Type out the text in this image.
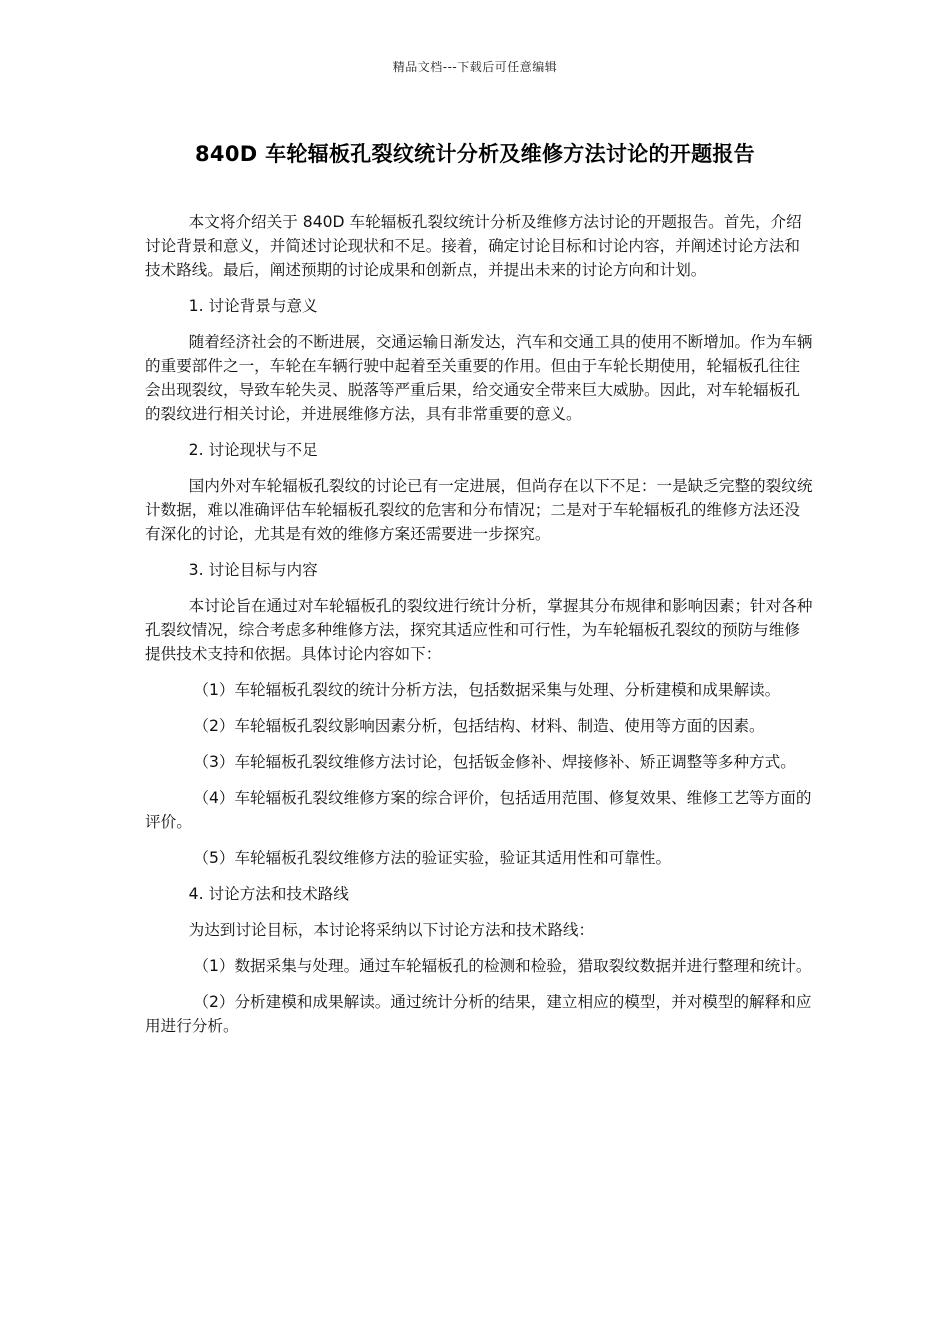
精品文档---下载后可任意编辑
840D 车轮辐板孔裂纹统计分析及维修方法讨论的开题报告

本文将介绍关于 840D 车轮辐板孔裂纹统计分析及维修方法讨论的开题报告。首先，介绍讨论背景和意义，并简述讨论现状和不足。接着，确定讨论目标和讨论内容，并阐述讨论方法和技术路线。最后，阐述预期的讨论成果和创新点，并提出未来的讨论方向和计划。

1. 讨论背景与意义

随着经济社会的不断进展，交通运输日渐发达，汽车和交通工具的使用不断增加。作为车辆的重要部件之一，车轮在车辆行驶中起着至关重要的作用。但由于车轮长期使用，轮辐板孔往往会出现裂纹，导致车轮失灵、脱落等严重后果，给交通安全带来巨大威胁。因此，对车轮辐板孔的裂纹进行相关讨论，并进展维修方法，具有非常重要的意义。

2. 讨论现状与不足

国内外对车轮辐板孔裂纹的讨论已有一定进展，但尚存在以下不足：一是缺乏完整的裂纹统计数据，难以准确评估车轮辐板孔裂纹的危害和分布情况；二是对于车轮辐板孔的维修方法还没有深化的讨论，尤其是有效的维修方案还需要进一步探究。

3. 讨论目标与内容

本讨论旨在通过对车轮辐板孔的裂纹进行统计分析，掌握其分布规律和影响因素；针对各种孔裂纹情况，综合考虑多种维修方法，探究其适应性和可行性，为车轮辐板孔裂纹的预防与维修提供技术支持和依据。具体讨论内容如下：

（1）车轮辐板孔裂纹的统计分析方法，包括数据采集与处理、分析建模和成果解读。

（2）车轮辐板孔裂纹影响因素分析，包括结构、材料、制造、使用等方面的因素。

（3）车轮辐板孔裂纹维修方法讨论，包括钣金修补、焊接修补、矫正调整等多种方式。

（4）车轮辐板孔裂纹维修方案的综合评价，包括适用范围、修复效果、维修工艺等方面的评价。

（5）车轮辐板孔裂纹维修方法的验证实验，验证其适用性和可靠性。

4. 讨论方法和技术路线

为达到讨论目标，本讨论将采纳以下讨论方法和技术路线：

（1）数据采集与处理。通过车轮辐板孔的检测和检验，猎取裂纹数据并进行整理和统计。

（2）分析建模和成果解读。通过统计分析的结果，建立相应的模型，并对模型的解释和应用进行分析。
